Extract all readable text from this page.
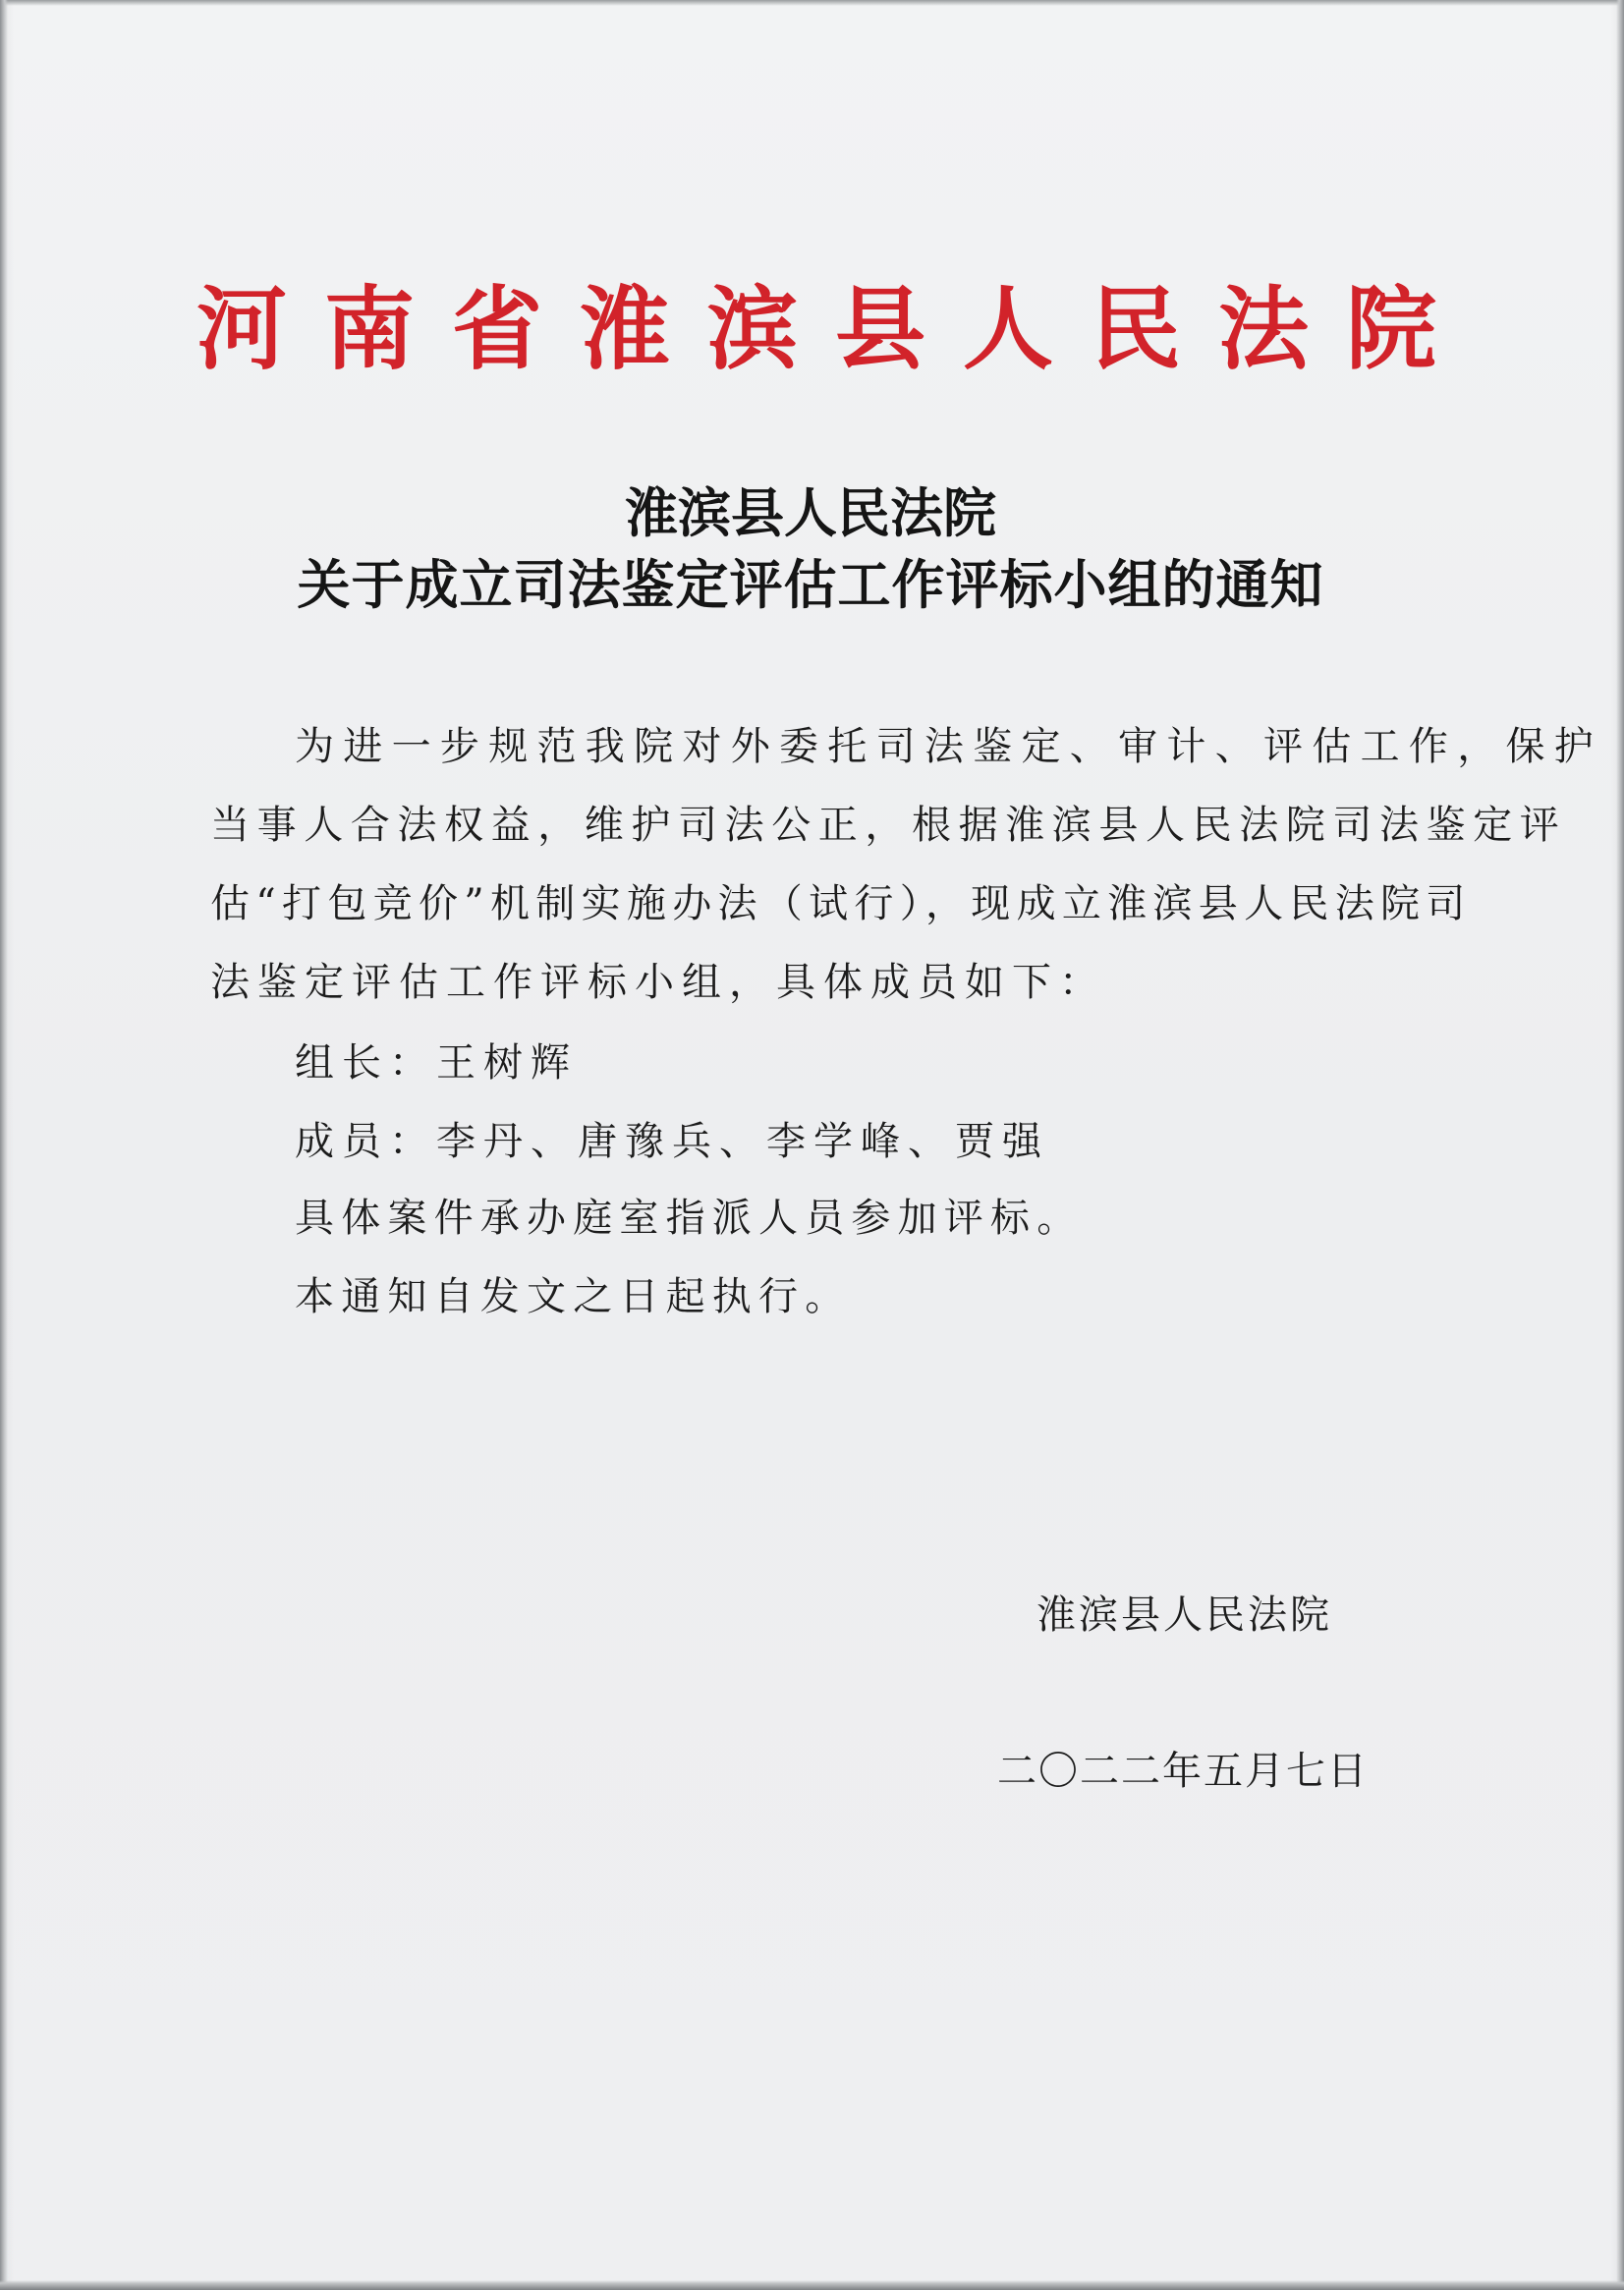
河南省淮滨县人民法院
淮滨县人民法院
关于成立司法鉴定评估工作评标小组的通知
为进一步规范我院对外委托司法鉴定、审计、评估工作，保护
当事人合法权益，维护司法公正，根据淮滨县人民法院司法鉴定评
估“打包竞价”机制实施办法（试行），现成立淮滨县人民法院司
法鉴定评估工作评标小组，具体成员如下：
组长：王树辉
成员：李丹、唐豫兵、李学峰、贾强
具体案件承办庭室指派人员参加评标。
本通知自发文之日起执行。
淮滨县人民法院
二〇二二年五月七日
